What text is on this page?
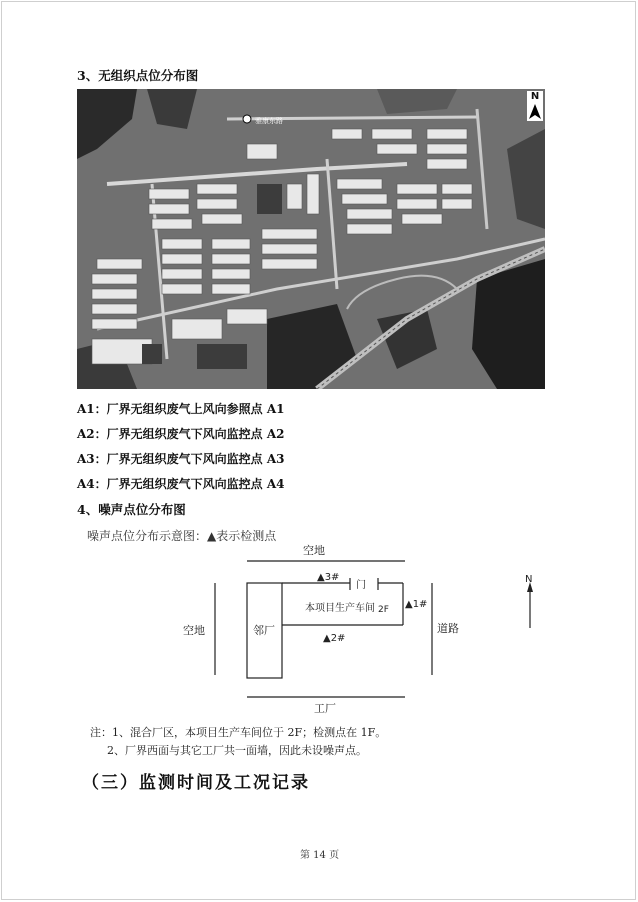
3、无组织点位分布图
雅康东路
N
A1：厂界无组织废气上风向参照点 A1
A2：厂界无组织废气下风向监控点 A2
A3：厂界无组织废气下风向监控点 A3
A4：厂界无组织废气下风向监控点 A4
4、噪声点位分布图
噪声点位分布示意图：▲表示检测点
空地
空地	道路
工厂
邻厂
本项目生产车间 2F
门
▲3#
▲1#
▲2#
N
注：1、混合厂区，本项目生产车间位于 2F；检测点在 1F。
2、厂界西面与其它工厂共一面墙，因此未设噪声点。
（三）监测时间及工况记录
第 14 页
